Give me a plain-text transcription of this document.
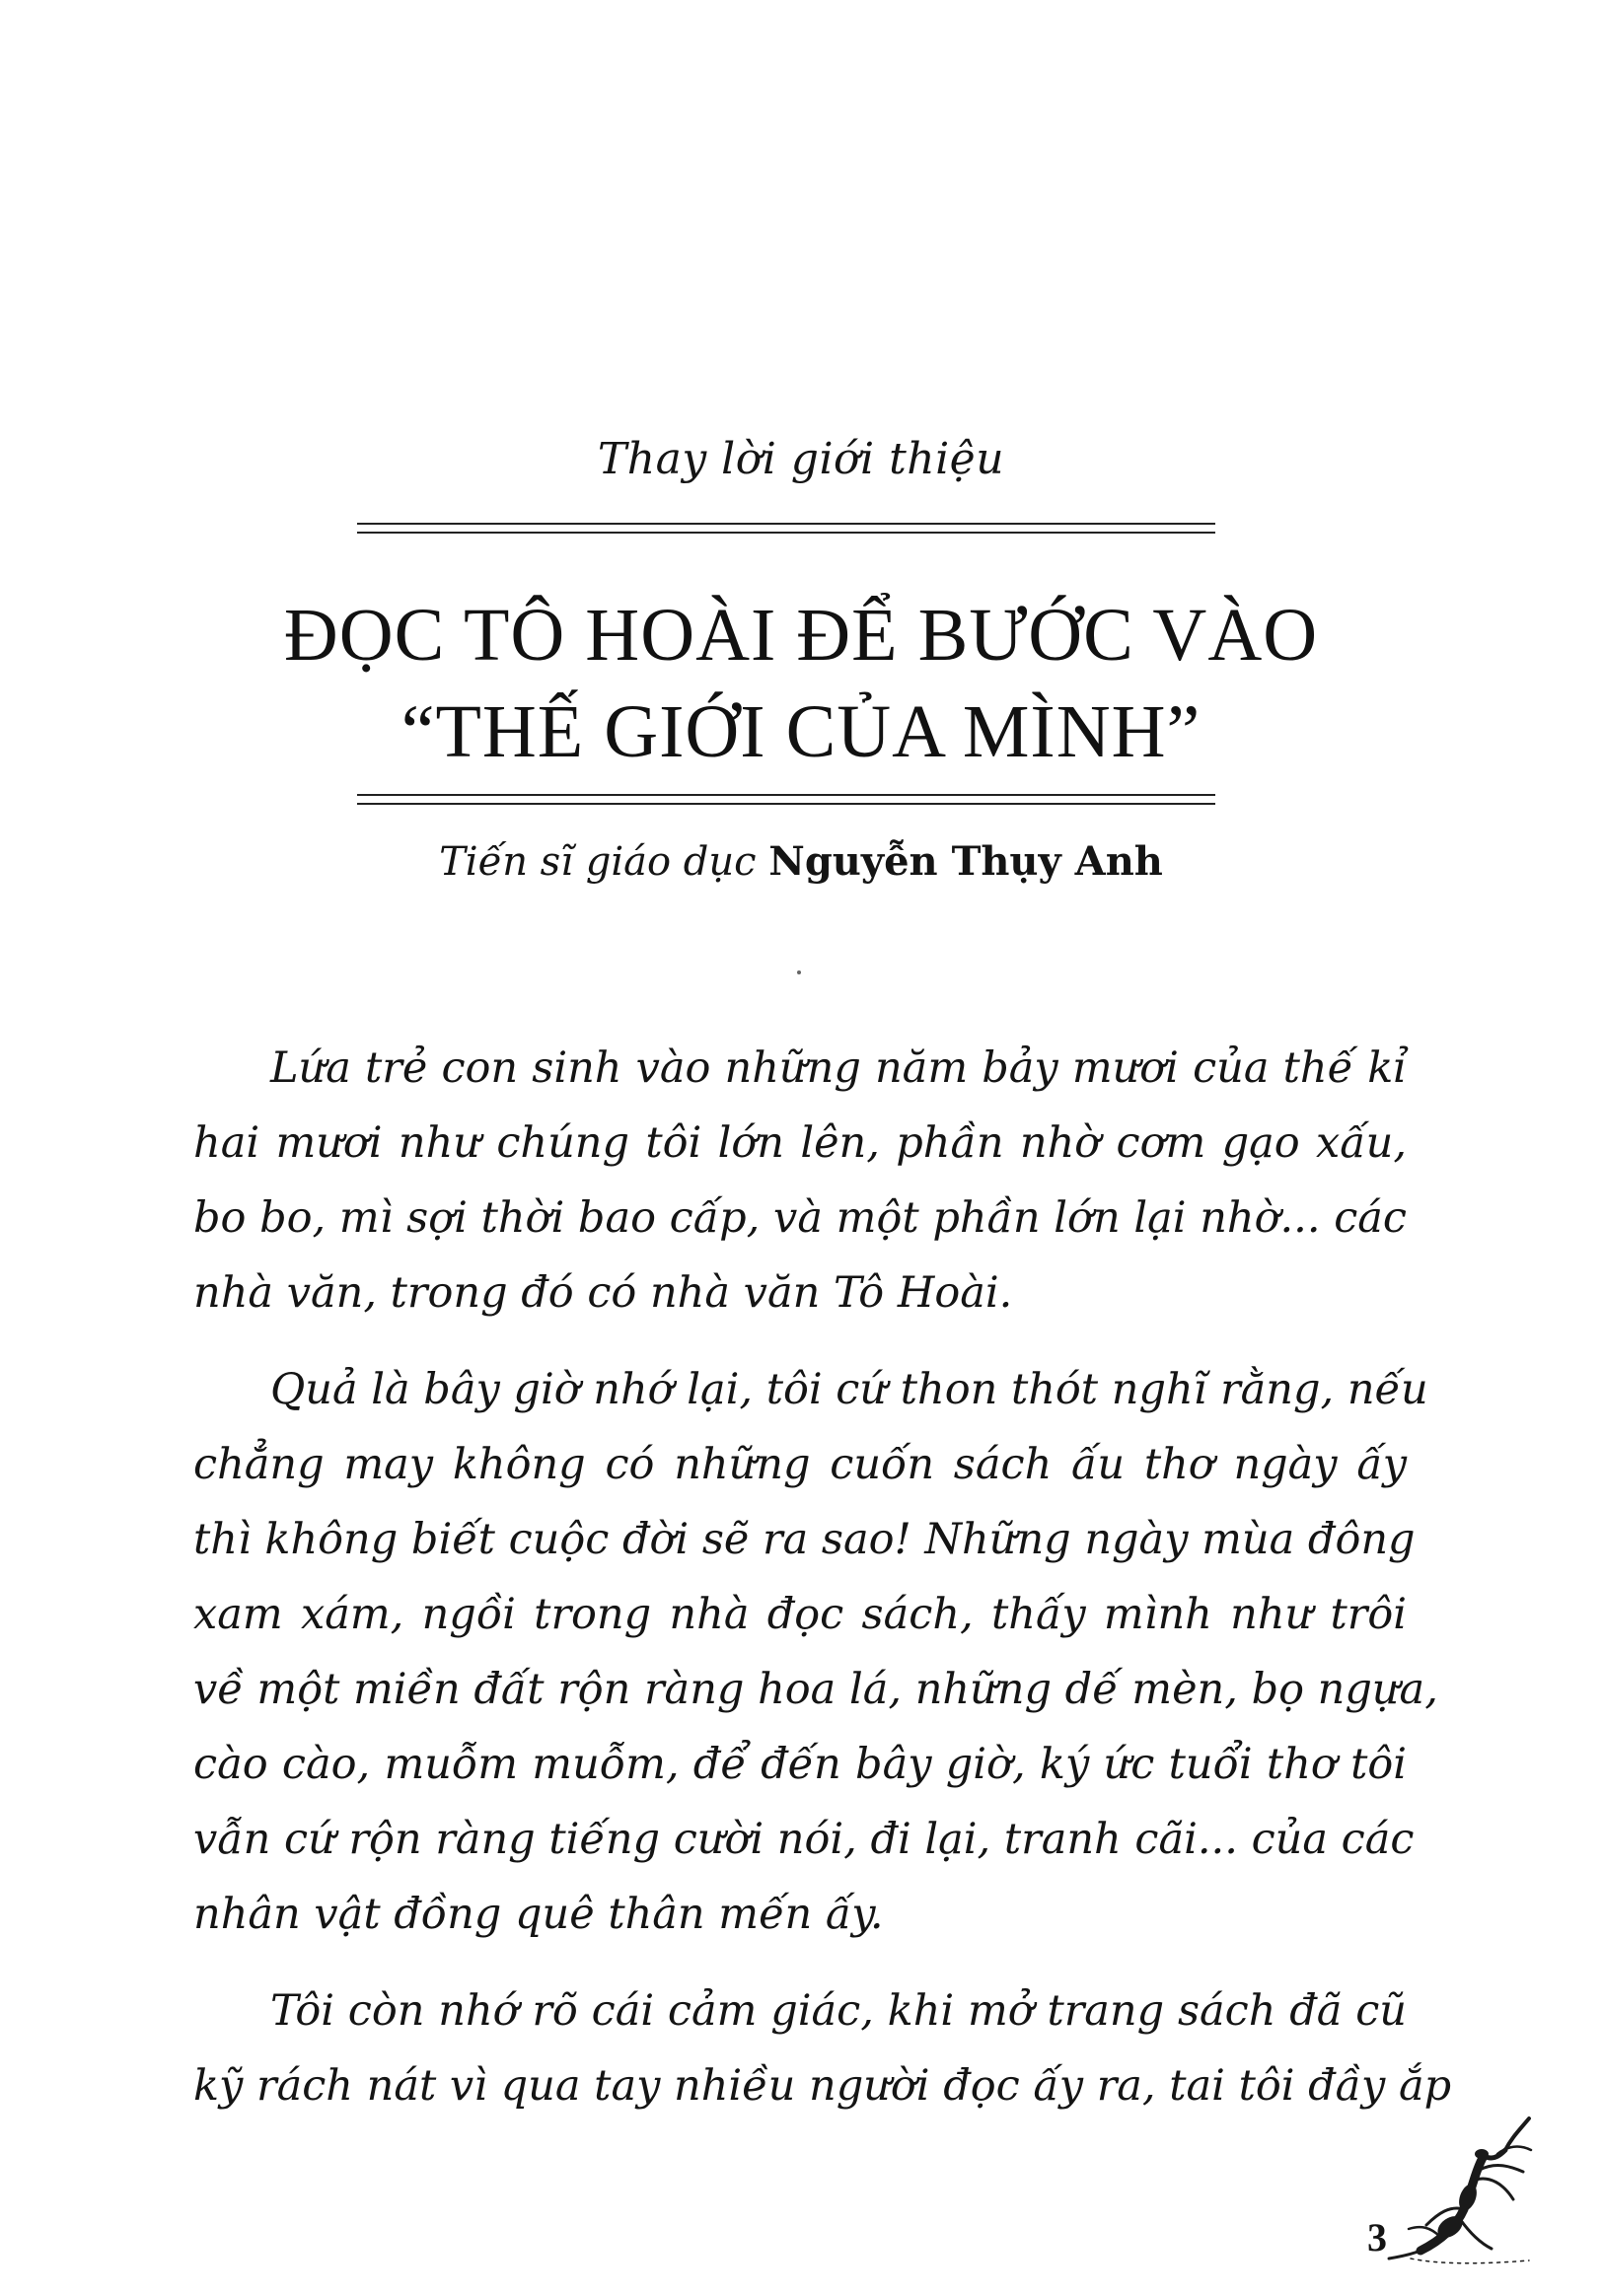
Thay lời giới thiệu
ĐỌC TÔ HOÀI ĐỂ BƯỚC VÀO
“THẾ GIỚI CỦA MÌNH”
Tiến sĩ giáo dục Nguyễn Thụy Anh

Lứa trẻ con sinh vào những năm bảy mươi của thế kỉ
hai mươi như chúng tôi lớn lên, phần nhờ cơm gạo xấu,
bo bo, mì sợi thời bao cấp, và một phần lớn lại nhờ... các
nhà văn, trong đó có nhà văn Tô Hoài.

Quả là bây giờ nhớ lại, tôi cứ thon thót nghĩ rằng, nếu
chẳng may không có những cuốn sách ấu thơ ngày ấy
thì không biết cuộc đời sẽ ra sao! Những ngày mùa đông
xam xám, ngồi trong nhà đọc sách, thấy mình như trôi
về một miền đất rộn ràng hoa lá, những dế mèn, bọ ngựa,
cào cào, muỗm muỗm, để đến bây giờ, ký ức tuổi thơ tôi
vẫn cứ rộn ràng tiếng cười nói, đi lại, tranh cãi... của các
nhân vật đồng quê thân mến ấy.

Tôi còn nhớ rõ cái cảm giác, khi mở trang sách đã cũ
kỹ rách nát vì qua tay nhiều người đọc ấy ra, tai tôi đầy ắp

3
